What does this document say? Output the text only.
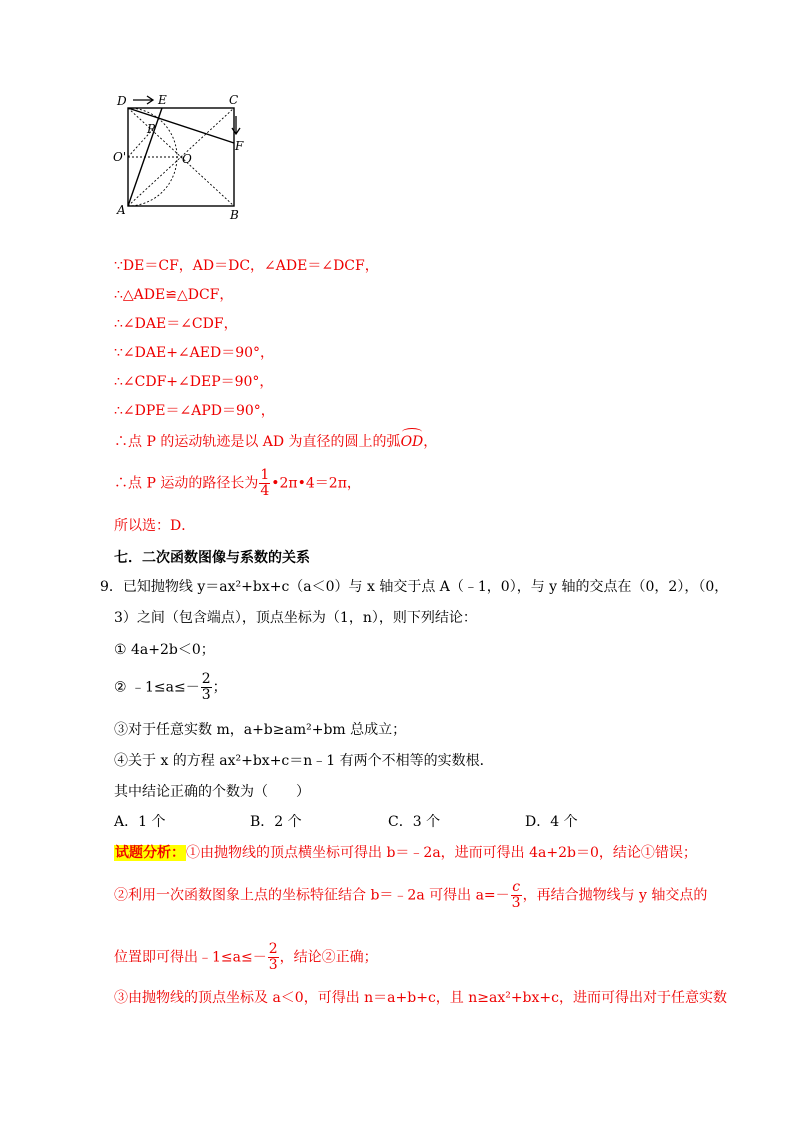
D	E	C
F
P
O'	O
A	B
∵DE＝CF，AD＝DC，∠ADE＝∠DCF，
∴△ADE≌△DCF，
∴∠DAE＝∠CDF，
∵∠DAE+∠AED＝90°，
∴∠CDF+∠DEP＝90°，
∴∠DPE＝∠APD＝90°，
∴点 P 的运动轨迹是以 AD 为直径的圆上的弧OD，
∴点 P 运动的路径长为 $\frac{1}{4}$ •2π•4＝2π，
所以选：D．
七．二次函数图像与系数的关系
9．已知抛物线 y＝ax²+bx+c（a＜0）与 x 轴交于点 A（﹣1，0），与 y 轴的交点在（0，2），（0，
3）之间（包含端点），顶点坐标为（1，n），则下列结论：
① 4a+2b＜0；
② ﹣1≤a≤－ $\frac{2}{3}$ ；
③对于任意实数 m，a+b≥am²+bm 总成立；
④关于 x 的方程 ax²+bx+c＝n﹣1 有两个不相等的实数根．
其中结论正确的个数为（　　）
A．1 个	B．2 个	C．3 个	D．4 个
试题分析：①由抛物线的顶点横坐标可得出 b＝﹣2a，进而可得出 4a+2b＝0，结论①错误；
②利用一次函数图象上点的坐标特征结合 b＝﹣2a 可得出 $a=- \frac{c}{3}$ ，再结合抛物线与 y 轴交点的
位置即可得出﹣1≤a≤－ $\frac{2}{3}$ ，结论②正确；
③由抛物线的顶点坐标及 a＜0，可得出 n＝a+b+c，且 n≥ax²+bx+c，进而可得出对于任意实数
